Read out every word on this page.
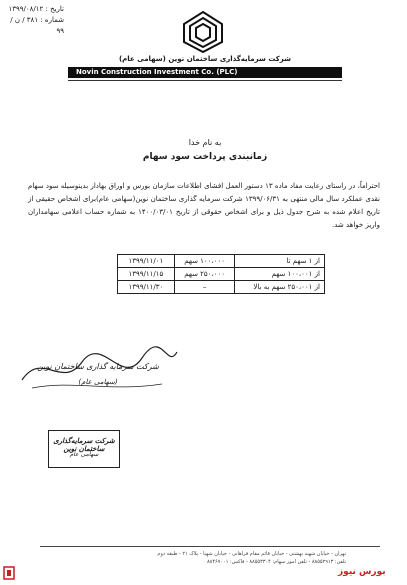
تاریخ : ۱۳۹۹/۰۸/۱۲
شماره : ۳۸۱ / ن / ۹۹
شرکت سرمایه‌گذاری ساختمان نوین (سهامی عام)
Novin Construction Investment Co. (PLC)
به نام خدا
زمانبندی پرداخت سود سهام
احتراماً، در راستای رعایت مفاد ماده ۱۳ دستور العمل افشای اطلاعات سازمان بورس و اوراق بهادار بدینوسیله سود سهام نقدی عملکرد سال مالی منتهی به ۱۳۹۹/۰۶/۳۱ شرکت سرمایه گذاری ساختمان نوین(سهامی عام)برای اشخاص حقیقی از تاریخ اعلام شده به شرح جدول ذیل و برای اشخاص حقوقی از تاریخ ۱۴۰۰/۰۳/۰۱ به شماره حساب اعلامی سهامداران واریز خواهد شد.
از ۱ سهم تا	۱۰۰،۰۰۰ سهم	۱۳۹۹/۱۱/۰۱
از ۱۰۰،۰۰۱ سهم	۲۵۰،۰۰۰ سهم	۱۳۹۹/۱۱/۱۵
از ۲۵۰،۰۰۱ سهم به بالا	–	۱۳۹۹/۱۱/۳۰
شرکت سرمایه گذاری ساختمان نوین
(سهامی عام)
شرکت سرمایه‌گذاری ساختمان نوین
سهامی عام
تهران - خیابان شهید بهشتی - خیابان قائم مقام فراهانی - خیابان شهبا - پلاک ۲۱ - طبقه دوم
تلفن: ۸۸۵۵۲۹۱۳ - تلفن امور سهام: ۸۸۵۵۳۳۰۴ - فاکس: ۸۸۴۶۷۰۰۱
بورس نیوز
